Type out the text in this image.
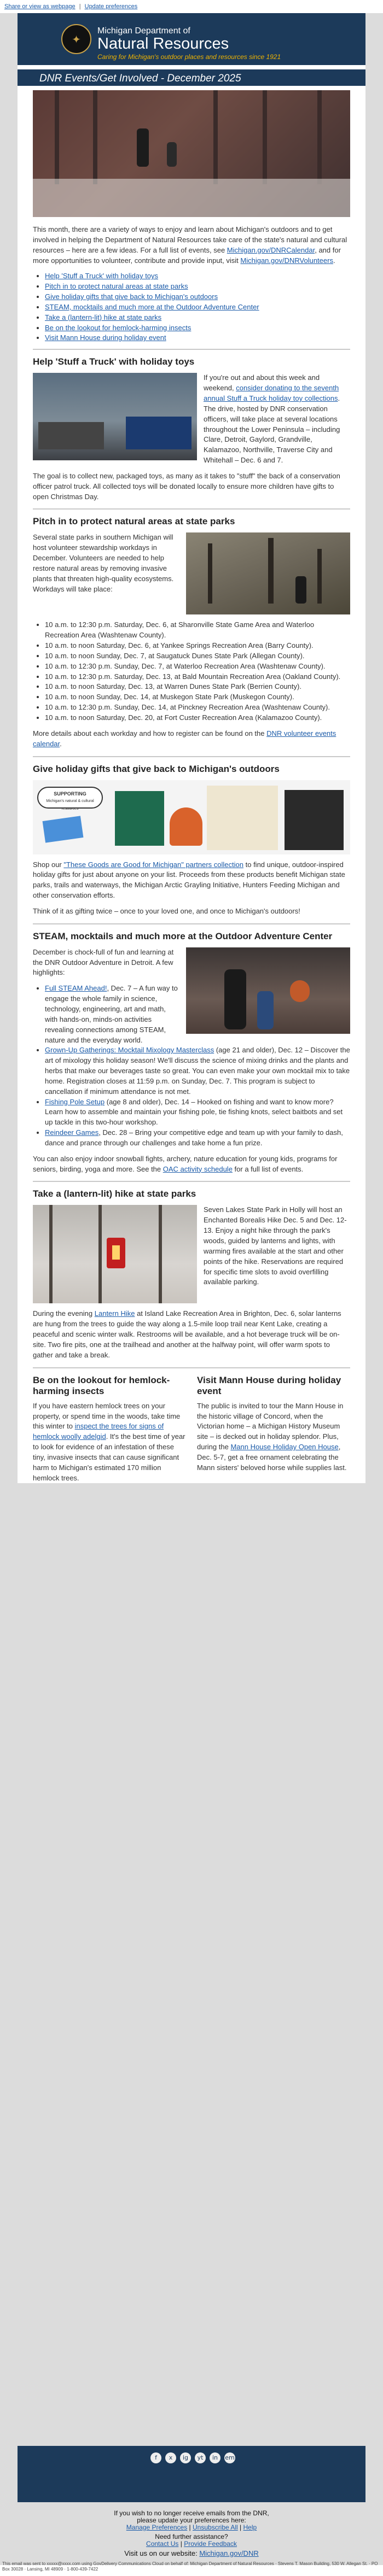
Share or view as webpage | Update preferences
✦
Michigan Department of
Natural Resources
Caring for Michigan's outdoor places and resources since 1921
DNR Events/Get Involved - December 2025

This month, there are a variety of ways to enjoy and learn about Michigan's outdoors and to get involved in helping the Department of Natural Resources take care of the state's natural and cultural resources – here are a few ideas. For a full list of events, see Michigan.gov/DNRCalendar, and for more opportunities to volunteer, contribute and provide input, visit Michigan.gov/DNRVolunteers.

• Help 'Stuff a Truck' with holiday toys
• Pitch in to protect natural areas at state parks
• Give holiday gifts that give back to Michigan's outdoors
• STEAM, mocktails and much more at the Outdoor Adventure Center
• Take a (lantern-lit) hike at state parks
• Be on the lookout for hemlock-harming insects
• Visit Mann House during holiday event
Help 'Stuff a Truck' with holiday toys

If you're out and about this week and weekend, consider donating to the seventh annual Stuff a Truck holiday toy collections. The drive, hosted by DNR conservation officers, will take place at several locations throughout the Lower Peninsula – including Clare, Detroit, Gaylord, Grandville, Kalamazoo, Northville, Traverse City and Whitehall – Dec. 6 and 7.

The goal is to collect new, packaged toys, as many as it takes to "stuff" the back of a conservation officer patrol truck. All collected toys will be donated locally to ensure more children have gifts to open Christmas Day.

Pitch in to protect natural areas at state parks

Several state parks in southern Michigan will host volunteer stewardship workdays in December. Volunteers are needed to help restore natural areas by removing invasive plants that threaten high-quality ecosystems. Workdays will take place:

• 10 a.m. to 12:30 p.m. Saturday, Dec. 6, at Sharonville State Game Area and Waterloo Recreation Area (Washtenaw County).
• 10 a.m. to noon Saturday, Dec. 6, at Yankee Springs Recreation Area (Barry County).
• 10 a.m. to noon Sunday, Dec. 7, at Saugatuck Dunes State Park (Allegan County).
• 10 a.m. to 12:30 p.m. Sunday, Dec. 7, at Waterloo Recreation Area (Washtenaw County).
• 10 a.m. to 12:30 p.m. Saturday, Dec. 13, at Bald Mountain Recreation Area (Oakland County).
• 10 a.m. to noon Saturday, Dec. 13, at Warren Dunes State Park (Berrien County).
• 10 a.m. to noon Sunday, Dec. 14, at Muskegon State Park (Muskegon County).
• 10 a.m. to 12:30 p.m. Sunday, Dec. 14, at Pinckney Recreation Area (Washtenaw County).
• 10 a.m. to noon Saturday, Dec. 20, at Fort Custer Recreation Area (Kalamazoo County).

More details about each workday and how to register can be found on the DNR volunteer events calendar.

Give holiday gifts that give back to Michigan's outdoors
SUPPORTING
Michigan's natural & cultural resources

Shop our "These Goods are Good for Michigan" partners collection to find unique, outdoor-inspired holiday gifts for just about anyone on your list. Proceeds from these products benefit Michigan state parks, trails and waterways, the Michigan Arctic Grayling Initiative, Hunters Feeding Michigan and other conservation efforts.

Think of it as gifting twice – once to your loved one, and once to Michigan's outdoors!

STEAM, mocktails and much more at the Outdoor Adventure Center

December is chock-full of fun and learning at the DNR Outdoor Adventure in Detroit. A few highlights:

• Full STEAM Ahead!, Dec. 7 – A fun way to engage the whole family in science, technology, engineering, art and math, with hands-on, minds-on activities revealing connections among STEAM, nature and the everyday world.
• Grown-Up Gatherings: Mocktail Mixology Masterclass (age 21 and older), Dec. 12 – Discover the art of mixology this holiday season! We'll discuss the science of mixing drinks and the plants and herbs that make our beverages taste so great. You can even make your own mocktail mix to take home. Registration closes at 11:59 p.m. on Sunday, Dec. 7. This program is subject to cancellation if minimum attendance is not met.
• Fishing Pole Setup (age 8 and older), Dec. 14 – Hooked on fishing and want to know more? Learn how to assemble and maintain your fishing pole, tie fishing knots, select baitbots and set up tackle in this two-hour workshop.
• Reindeer Games, Dec. 28 – Bring your competitive edge and team up with your family to dash, dance and prance through our challenges and take home a fun prize.

You can also enjoy indoor snowball fights, archery, nature education for young kids, programs for seniors, birding, yoga and more. See the OAC activity schedule for a full list of events.

Take a (lantern-lit) hike at state parks

Seven Lakes State Park in Holly will host an Enchanted Borealis Hike Dec. 5 and Dec. 12-13. Enjoy a night hike through the park's woods, guided by lanterns and lights, with warming fires available at the start and other points of the hike. Reservations are required for specific time slots to avoid overfilling available parking.

During the evening Lantern Hike at Island Lake Recreation Area in Brighton, Dec. 6, solar lanterns are hung from the trees to guide the way along a 1.5-mile loop trail near Kent Lake, creating a peaceful and scenic winter walk. Restrooms will be available, and a hot beverage truck will be on-site. Two fire pits, one at the trailhead and another at the halfway point, will offer warm spots to gather and take a break.

Be on the lookout for hemlock-harming insects

If you have eastern hemlock trees on your property, or spend time in the woods, take time this winter to inspect the trees for signs of hemlock woolly adelgid. It's the best time of year to look for evidence of an infestation of these tiny, invasive insects that can cause significant harm to Michigan's estimated 170 million hemlock trees.

Visit Mann House during holiday event

The public is invited to tour the Mann House in the historic village of Concord, when the Victorian home – a Michigan History Museum site – is decked out in holiday splendor. Plus, during the Mann House Holiday Open House, Dec. 5-7, get a free ornament celebrating the Mann sisters' beloved horse while supplies last.

f	x	ig	yt	in	em
If you wish to no longer receive emails from the DNR,
please update your preferences here:
Manage Preferences | Unsubscribe All | Help
Need further assistance?
Contact Us | Provide Feedback
Visit us on our website: Michigan.gov/DNR
This email was sent to xxxxx@xxxx.com using GovDelivery Communications Cloud on behalf of: Michigan Department of Natural Resources · Stevens T. Mason Building, 530 W. Allegan St. · PO Box 30028 · Lansing, MI 48909 · 1-800-439-7422
